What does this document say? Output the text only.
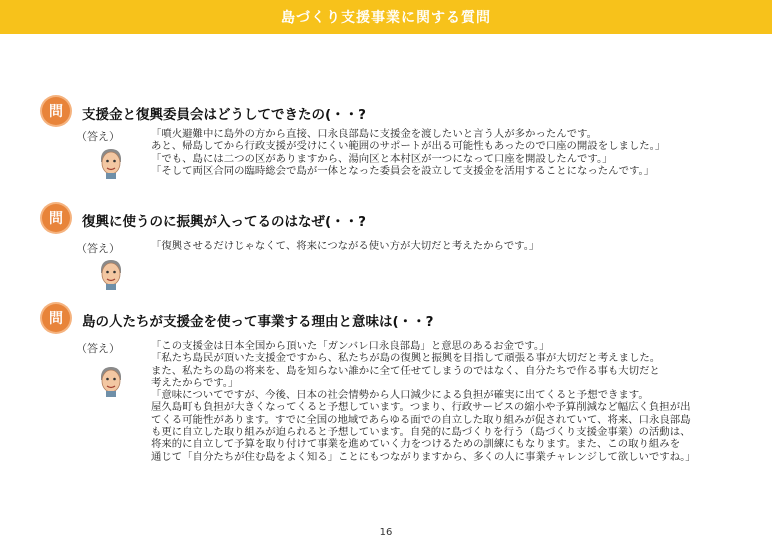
島づくり支援事業に関する質問
問	支援金と復興委員会はどうしてできたの(・・?
（答え）	「噴火避難中に島外の方から直接、口永良部島に支援金を渡したいと言う人が多かったんです。
あと、帰島してから行政支援が受けにくい範囲のサポートが出る可能性もあったので口座の開設をしました。」
「でも、島には二つの区がありますから、湯向区と本村区が一つになって口座を開設したんです。」
「そして両区合同の臨時総会で島が一体となった委員会を設立して支援金を活用することになったんです。」
問	復興に使うのに振興が入ってるのはなぜ(・・?
（答え）	「復興させるだけじゃなくて、将来につながる使い方が大切だと考えたからです。」
問	島の人たちが支援金を使って事業する理由と意味は(・・?
（答え）	「この支援金は日本全国から頂いた「ガンバレ口永良部島」と意思のあるお金です。」
「私たち島民が頂いた支援金ですから、私たちが島の復興と振興を目指して頑張る事が大切だと考えました。
また、私たちの島の将来を、島を知らない誰かに全て任せてしまうのではなく、自分たちで作る事も大切だと
考えたからです。」
「意味についてですが、今後、日本の社会情勢から人口減少による負担が確実に出てくると予想できます。
屋久島町も負担が大きくなってくると予想しています。つまり、行政サービスの縮小や予算削減など幅広く負担が出
てくる可能性があります。すでに全国の地域であらゆる面での自立した取り組みが促されていて、将来、口永良部島
も更に自立した取り組みが迫られると予想しています。自発的に島づくりを行う（島づくり支援金事業）の活動は、
将来的に自立して予算を取り付けて事業を進めていく力をつけるための訓練にもなります。また、この取り組みを
通じて「自分たちが住む島をよく知る」ことにもつながりますから、多くの人に事業チャレンジして欲しいですね。」
16
